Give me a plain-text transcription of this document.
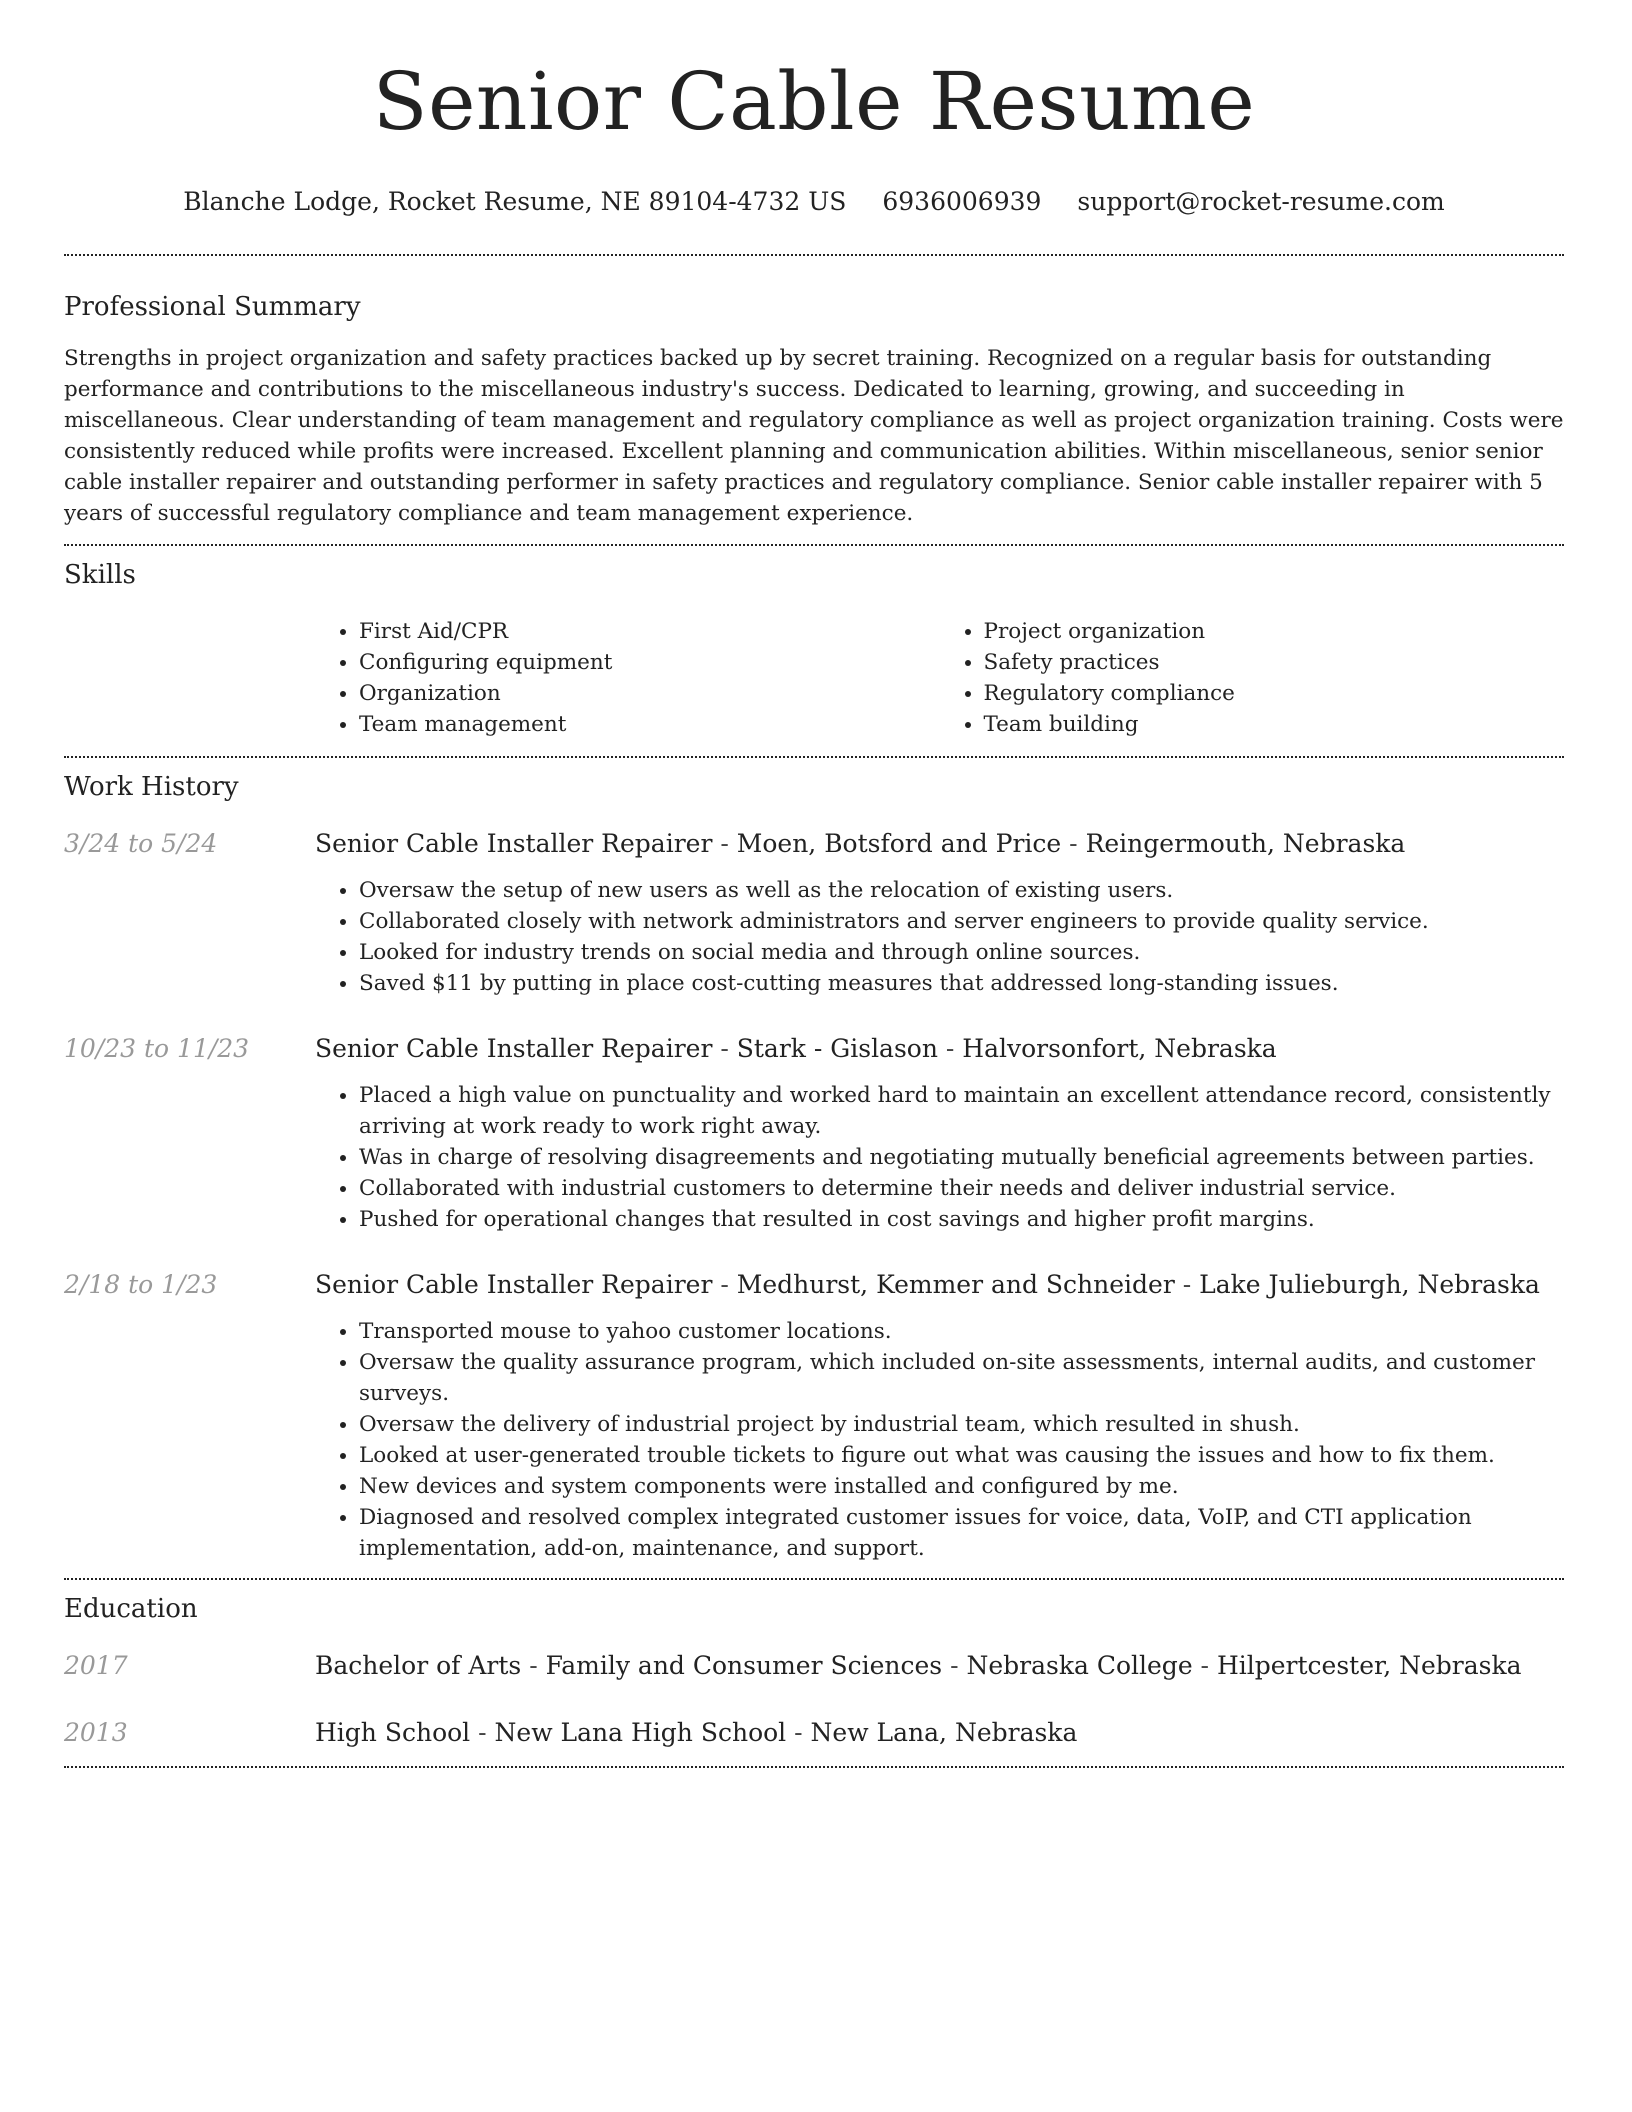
Senior Cable Resume
Blanche Lodge, Rocket Resume, NE 89104-4732 US 6936006939 support@rocket-resume.com
Professional Summary

Strengths in project organization and safety practices backed up by secret training. Recognized on a regular basis for outstanding performance and contributions to the miscellaneous industry's success. Dedicated to learning, growing, and succeeding in miscellaneous. Clear understanding of team management and regulatory compliance as well as project organization training. Costs were consistently reduced while profits were increased. Excellent planning and communication abilities. Within miscellaneous, senior senior cable installer repairer and outstanding performer in safety practices and regulatory compliance. Senior cable installer repairer with 5 years of successful regulatory compliance and team management experience.

Skills
• First Aid/CPR
• Configuring equipment
• Organization
• Team management
• Project organization
• Safety practices
• Regulatory compliance
• Team building
Work History
3/24 to 5/24	Senior Cable Installer Repairer - Moen, Botsford and Price - Reingermouth, Nebraska
• Oversaw the setup of new users as well as the relocation of existing users.
• Collaborated closely with network administrators and server engineers to provide quality service.
• Looked for industry trends on social media and through online sources.
• Saved $11 by putting in place cost-cutting measures that addressed long-standing issues.
10/23 to 11/23	Senior Cable Installer Repairer - Stark - Gislason - Halvorsonfort, Nebraska
• Placed a high value on punctuality and worked hard to maintain an excellent attendance record, consistently arriving at work ready to work right away.
• Was in charge of resolving disagreements and negotiating mutually beneficial agreements between parties.
• Collaborated with industrial customers to determine their needs and deliver industrial service.
• Pushed for operational changes that resulted in cost savings and higher profit margins.
2/18 to 1/23	Senior Cable Installer Repairer - Medhurst, Kemmer and Schneider - Lake Julieburgh, Nebraska
• Transported mouse to yahoo customer locations.
• Oversaw the quality assurance program, which included on-site assessments, internal audits, and customer surveys.
• Oversaw the delivery of industrial project by industrial team, which resulted in shush.
• Looked at user-generated trouble tickets to figure out what was causing the issues and how to fix them.
• New devices and system components were installed and configured by me.
• Diagnosed and resolved complex integrated customer issues for voice, data, VoIP, and CTI application implementation, add-on, maintenance, and support.
Education
2017	Bachelor of Arts - Family and Consumer Sciences - Nebraska College - Hilpertcester, Nebraska
2013	High School - New Lana High School - New Lana, Nebraska
